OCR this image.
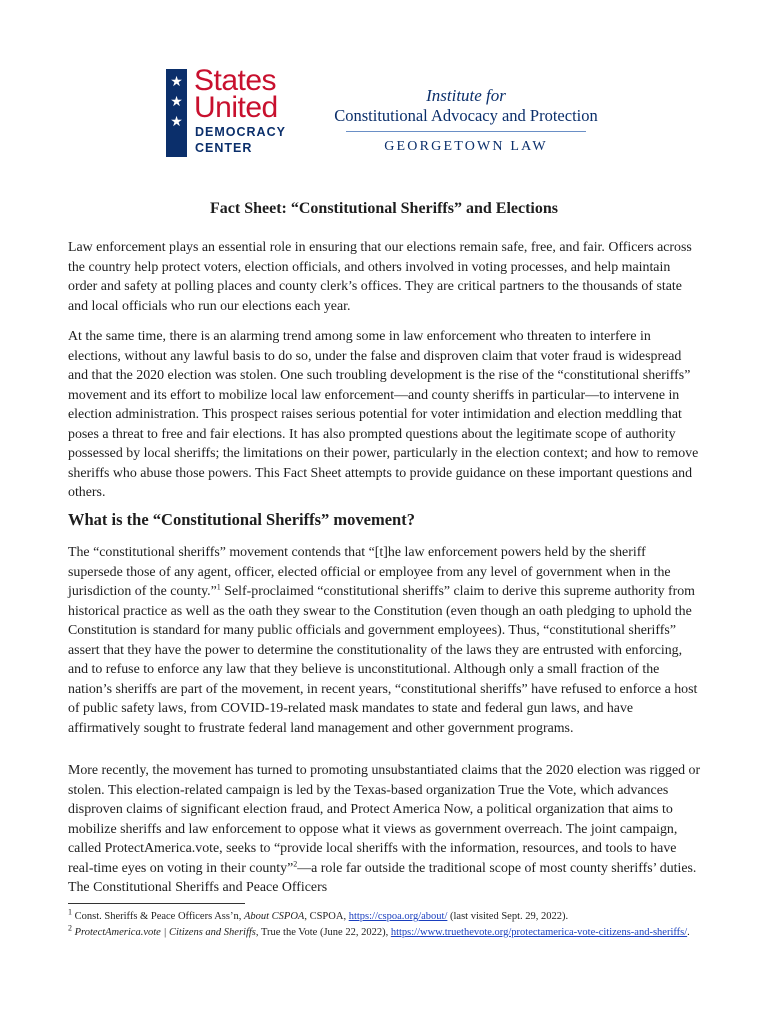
★
★
★
States
United
DEMOCRACY
CENTER
Institute for
Constitutional Advocacy and Protection
GEORGETOWN LAW
Fact Sheet: “Constitutional Sheriffs” and Elections

Law enforcement plays an essential role in ensuring that our elections remain safe, free, and fair. Officers across the country help protect voters, election officials, and others involved in voting processes, and help maintain order and safety at polling places and county clerk’s offices. They are critical partners to the thousands of state and local officials who run our elections each year.

At the same time, there is an alarming trend among some in law enforcement who threaten to interfere in elections, without any lawful basis to do so, under the false and disproven claim that voter fraud is widespread and that the 2020 election was stolen. One such troubling development is the rise of the “constitutional sheriffs” movement and its effort to mobilize local law enforcement—and county sheriffs in particular—to intervene in election administration. This prospect raises serious potential for voter intimidation and election meddling that poses a threat to free and fair elections. It has also prompted questions about the legitimate scope of authority possessed by local sheriffs; the limitations on their power, particularly in the election context; and how to remove sheriffs who abuse those powers. This Fact Sheet attempts to provide guidance on these important questions and others.

What is the “Constitutional Sheriffs” movement?

The “constitutional sheriffs” movement contends that “[t]he law enforcement powers held by the sheriff supersede those of any agent, officer, elected official or employee from any level of government when in the jurisdiction of the county.”$^1$ Self-proclaimed “constitutional sheriffs” claim to derive this supreme authority from historical practice as well as the oath they swear to the Constitution (even though an oath pledging to uphold the Constitution is standard for many public officials and government employees). Thus, “constitutional sheriffs” assert that they have the power to determine the constitutionality of the laws they are entrusted with enforcing, and to refuse to enforce any law that they believe is unconstitutional. Although only a small fraction of the nation’s sheriffs are part of the movement, in recent years, “constitutional sheriffs” have refused to enforce a host of public safety laws, from COVID-19-related mask mandates to state and federal gun laws, and have affirmatively sought to frustrate federal land management and other government programs.

More recently, the movement has turned to promoting unsubstantiated claims that the 2020 election was rigged or stolen. This election-related campaign is led by the Texas-based organization True the Vote, which advances disproven claims of significant election fraud, and Protect America Now, a political organization that aims to mobilize sheriffs and law enforcement to oppose what it views as government overreach. The joint campaign, called ProtectAmerica.vote, seeks to “provide local sheriffs with the information, resources, and tools to have real-time eyes on voting in their county”$^2$—a role far outside the traditional scope of most county sheriffs’ duties. The Constitutional Sheriffs and Peace Officers

$^1$ Const. Sheriffs & Peace Officers Ass’n, About CSPOA, CSPOA, https://cspoa.org/about/ (last visited Sept. 29, 2022).

$^2$ ProtectAmerica.vote | Citizens and Sheriffs, True the Vote (June 22, 2022), https://www.truethevote.org/protectamerica-vote-citizens-and-sheriffs/.
